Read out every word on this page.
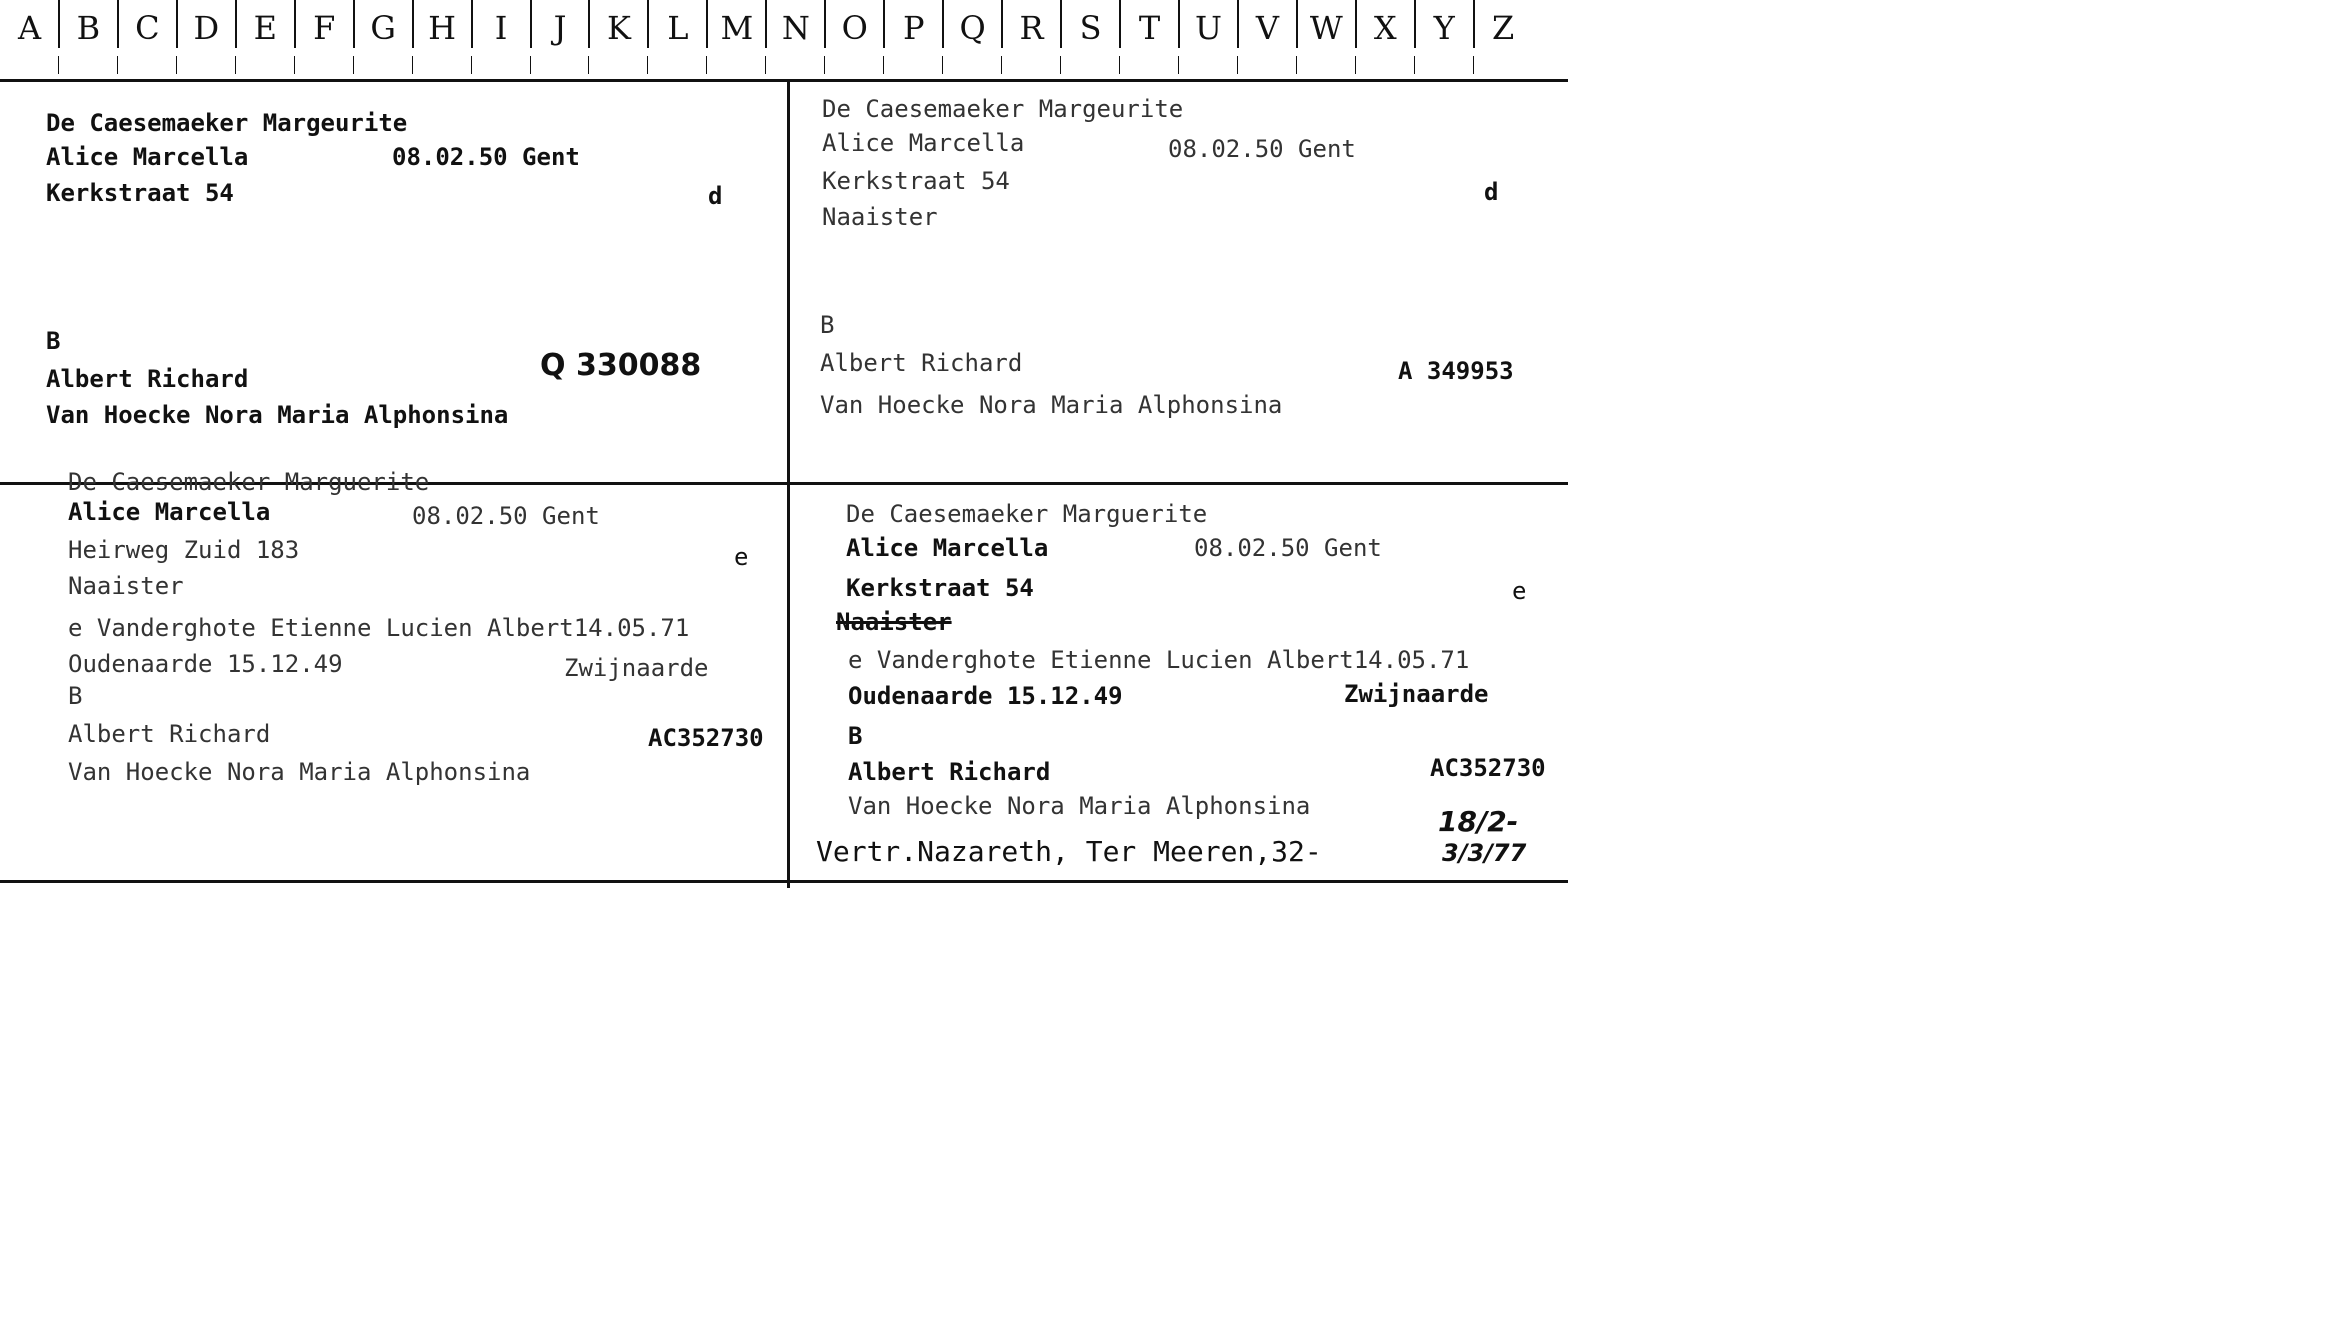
A	B	C	D	E	F	G	H	I	J	K	L M N O	P	Q	R	S	T	U	V W X	Y	Z
De Caesemaeker Margeurite
Alice Marcella	08.02.50 Gent
Kerkstraat 54	d
B
Albert Richard
Van Hoecke Nora Maria Alphonsina
Q 330088
De Caesemaeker Margeurite
Alice Marcella	08.02.50 Gent
Kerkstraat 54
Naaister
d
B
Albert Richard
Van Hoecke Nora Maria Alphonsina
A 349953
De Caesemaeker Marguerite
Alice Marcella	08.02.50 Gent
Heirweg Zuid 183
Naaister
e
e Vanderghote Etienne Lucien Albert14.05.71
Oudenaarde 15.12.49	Zwijnaarde
B
Albert Richard
Van Hoecke Nora Maria Alphonsina
AC352730
De Caesemaeker Marguerite
Alice Marcella	08.02.50 Gent
Kerkstraat 54
Naaister
e
e Vanderghote Etienne Lucien Albert14.05.71
Oudenaarde 15.12.49	Zwijnaarde
B
Albert Richard
Van Hoecke Nora Maria Alphonsina
AC352730
Vertr.Nazareth, Ter Meeren,32-
18/2-
3/3/77
